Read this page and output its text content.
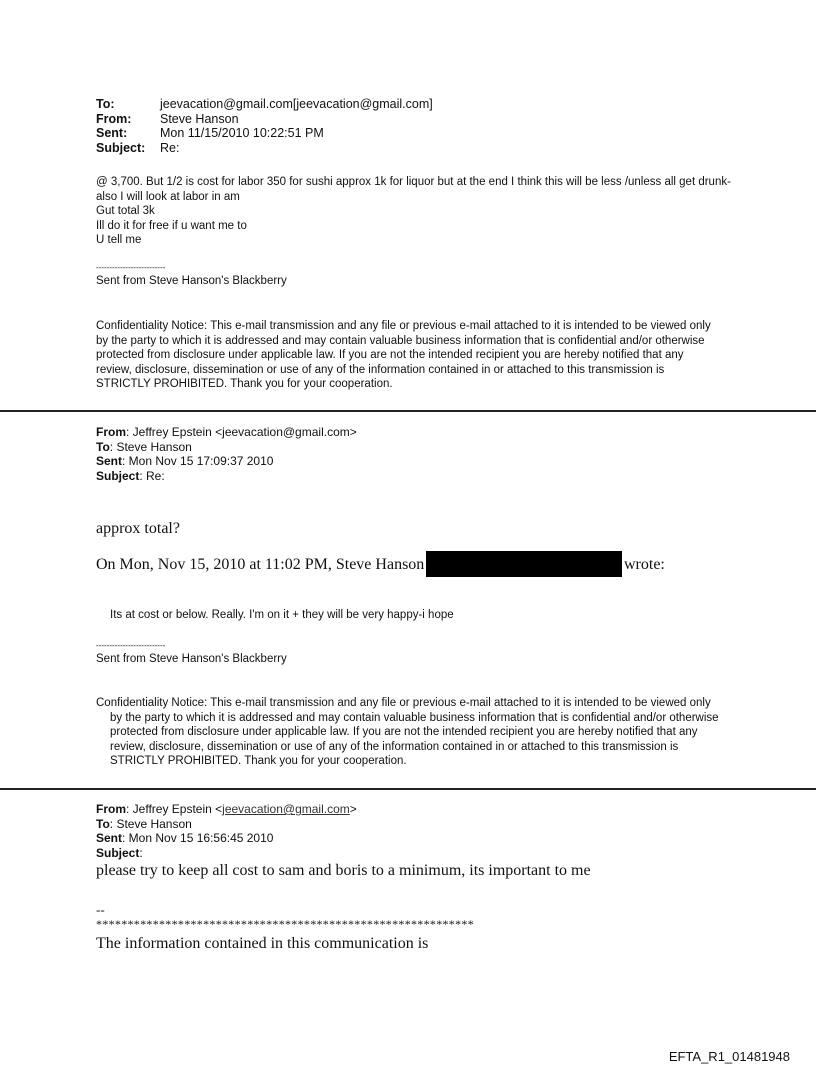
To:	jeevacation@gmail.com[jeevacation@gmail.com]
From:	Steve Hanson
Sent:	Mon 11/15/2010 10:22:51 PM
Subject:	Re:
@ 3,700. But 1/2 is cost for labor 350 for sushi approx 1k for liquor but at the end I think this will be less /unless all get drunk- also I will look at labor in am
Gut total 3k
Ill do it for free if u want me to
U tell me
--------------------------
Sent from Steve Hanson's Blackberry
Confidentiality Notice: This e-mail transmission and any file or previous e-mail attached to it is intended to be viewed only by the party to which it is addressed and may contain valuable business information that is confidential and/or otherwise protected from disclosure under applicable law. If you are not the intended recipient you are hereby notified that any review, disclosure, dissemination or use of any of the information contained in or attached to this transmission is STRICTLY PROHIBITED. Thank you for your cooperation.
From: Jeffrey Epstein <jeevacation@gmail.com>
To: Steve Hanson
Sent: Mon Nov 15 17:09:37 2010
Subject: Re:
approx total?
On Mon, Nov 15, 2010 at 11:02 PM, Steve Hanson	wrote:
Its at cost or below. Really. I'm on it + they will be very happy-i hope
--------------------------
Sent from Steve Hanson's Blackberry
Confidentiality Notice: This e-mail transmission and any file or previous e-mail attached to it is intended to be viewed only by the party to which it is addressed and may contain valuable business information that is confidential and/or otherwise protected from disclosure under applicable law. If you are not the intended recipient you are hereby notified that any review, disclosure, dissemination or use of any of the information contained in or attached to this transmission is STRICTLY PROHIBITED. Thank you for your cooperation.
From: Jeffrey Epstein <jeevacation@gmail.com>
To: Steve Hanson
Sent: Mon Nov 15 16:56:45 2010
Subject:
please try to keep all cost to sam and boris to a minimum, its important to me
--
************************************************************
The information contained in this communication is
EFTA_R1_01481948
